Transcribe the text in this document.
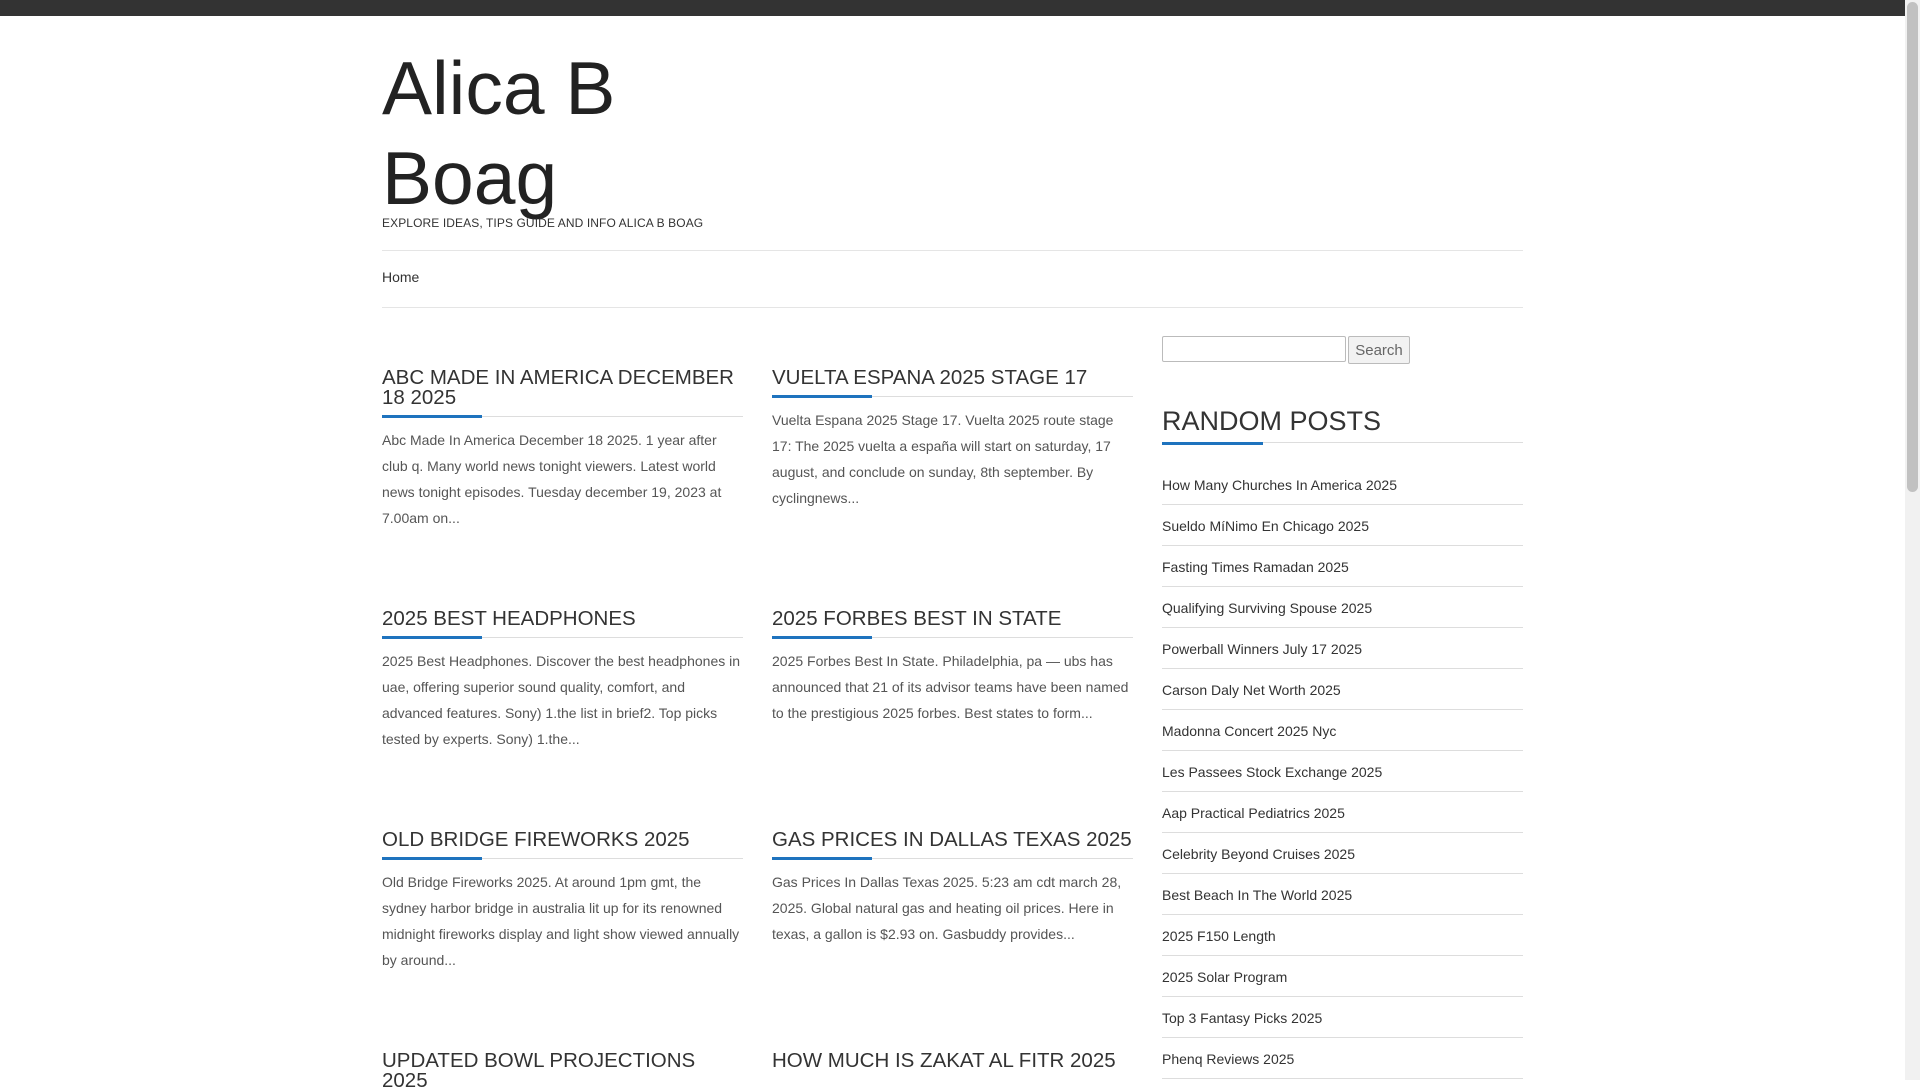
Alica B Boag
EXPLORE IDEAS, TIPS GUIDE AND INFO ALICA B BOAG
Home
ABC MADE IN AMERICA DECEMBER 18 2025

Abc Made In America December 18 2025. 1 year after club q. Many world news tonight viewers. Latest world news tonight episodes. Tuesday december 19, 2023 at 7.00am on...

VUELTA ESPANA 2025 STAGE 17

Vuelta Espana 2025 Stage 17. Vuelta 2025 route stage 17: The 2025 vuelta a españa will start on saturday, 17 august, and conclude on sunday, 8th september. By cyclingnews...

2025 BEST HEADPHONES

2025 Best Headphones. Discover the best headphones in uae, offering superior sound quality, comfort, and advanced features. Sony) 1.the list in brief2. Top picks tested by experts. Sony) 1.the...

2025 FORBES BEST IN STATE

2025 Forbes Best In State. Philadelphia, pa — ubs has announced that 21 of its advisor teams have been named to the prestigious 2025 forbes. Best states to form...

OLD BRIDGE FIREWORKS 2025

Old Bridge Fireworks 2025. At around 1pm gmt, the sydney harbor bridge in australia lit up for its renowned midnight fireworks display and light show viewed annually by around...

GAS PRICES IN DALLAS TEXAS 2025

Gas Prices In Dallas Texas 2025. 5:23 am cdt march 28, 2025. Global natural gas and heating oil prices. Here in texas, a gallon is $2.93 on. Gasbuddy provides...

UPDATED BOWL PROJECTIONS 2025
HOW MUCH IS ZAKAT AL FITR 2025
Search
RANDOM POSTS
How Many Churches In America 2025
Sueldo MíNimo En Chicago 2025
Fasting Times Ramadan 2025
Qualifying Surviving Spouse 2025
Powerball Winners July 17 2025
Carson Daly Net Worth 2025
Madonna Concert 2025 Nyc
Les Passees Stock Exchange 2025
Aap Practical Pediatrics 2025
Celebrity Beyond Cruises 2025
Best Beach In The World 2025
2025 F150 Length
2025 Solar Program
Top 3 Fantasy Picks 2025
Phenq Reviews 2025
